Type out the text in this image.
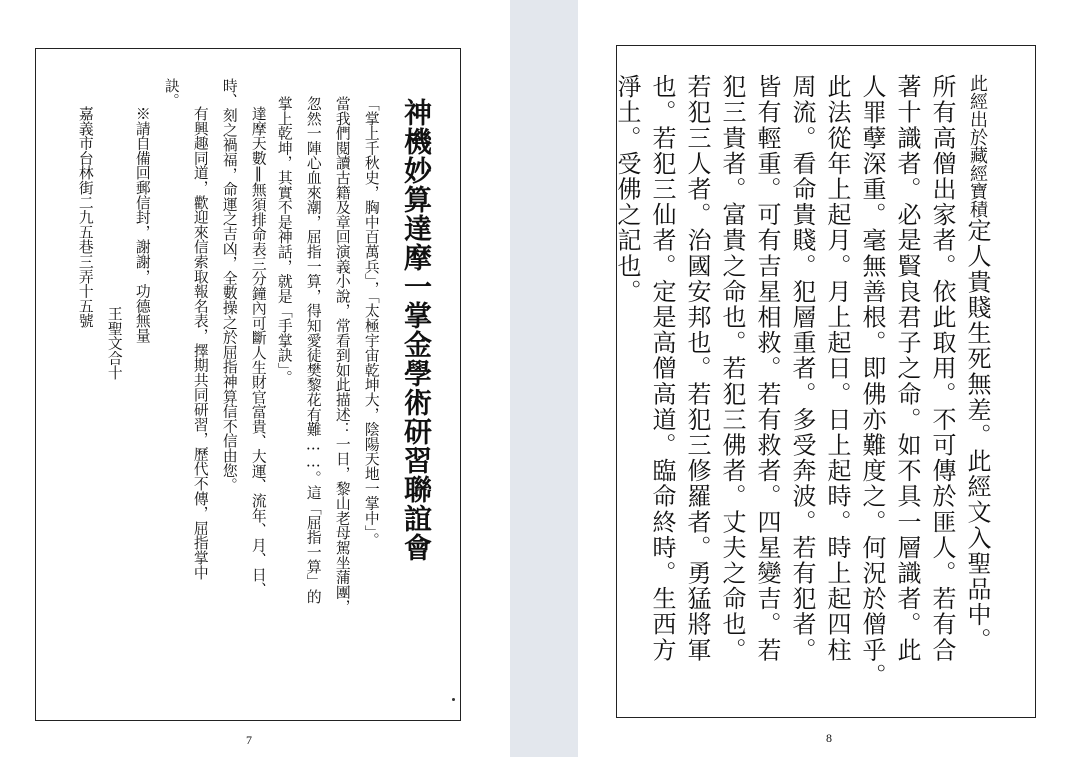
神機妙算達摩一掌金學術研習聯誼會
「掌上千秋史，胸中百萬兵」，「太極宇宙乾坤大，陰陽天地一掌中」。
當我們閱讀古籍及章回演義小說，常看到如此描述：一日，黎山老母駕坐蒲團，
忽然一陣心血來潮，屈指一算，得知愛徒樊黎花有難……。這「屈指一算」的
掌上乾坤，其實不是神話，就是「手掌訣」。
達摩天數‖無須排命表三分鐘內可斷人生財官富貴、大運、流年、月、日、
時、刻之禍福，命運之吉凶，全數操之於屈指神算信不信由您。
有興趣同道，歡迎來信索取報名表，擇期共同研習，歷代不傳，屈指掌中
訣。
※請自備回郵信封，謝謝，功德無量
王聖文合十
嘉義市台林街二九五巷三弄十五號
7
此經出於藏經寶積定人貴賤生死無差。此經文入聖品中。
所有高僧出家者。依此取用。不可傳於匪人。若有合
著十識者。必是賢良君子之命。如不具一層識者。此
人罪孽深重。毫無善根。即佛亦難度之。何況於僧乎。
此法從年上起月。月上起日。日上起時。時上起四柱
周流。看命貴賤。犯層重者。多受奔波。若有犯者。
皆有輕重。可有吉星相救。若有救者。四星變吉。若
犯三貴者。富貴之命也。若犯三佛者。丈夫之命也。
若犯三人者。治國安邦也。若犯三修羅者。勇猛將軍
也。若犯三仙者。定是高僧高道。臨命終時。生西方
淨土。受佛之記也。
8
